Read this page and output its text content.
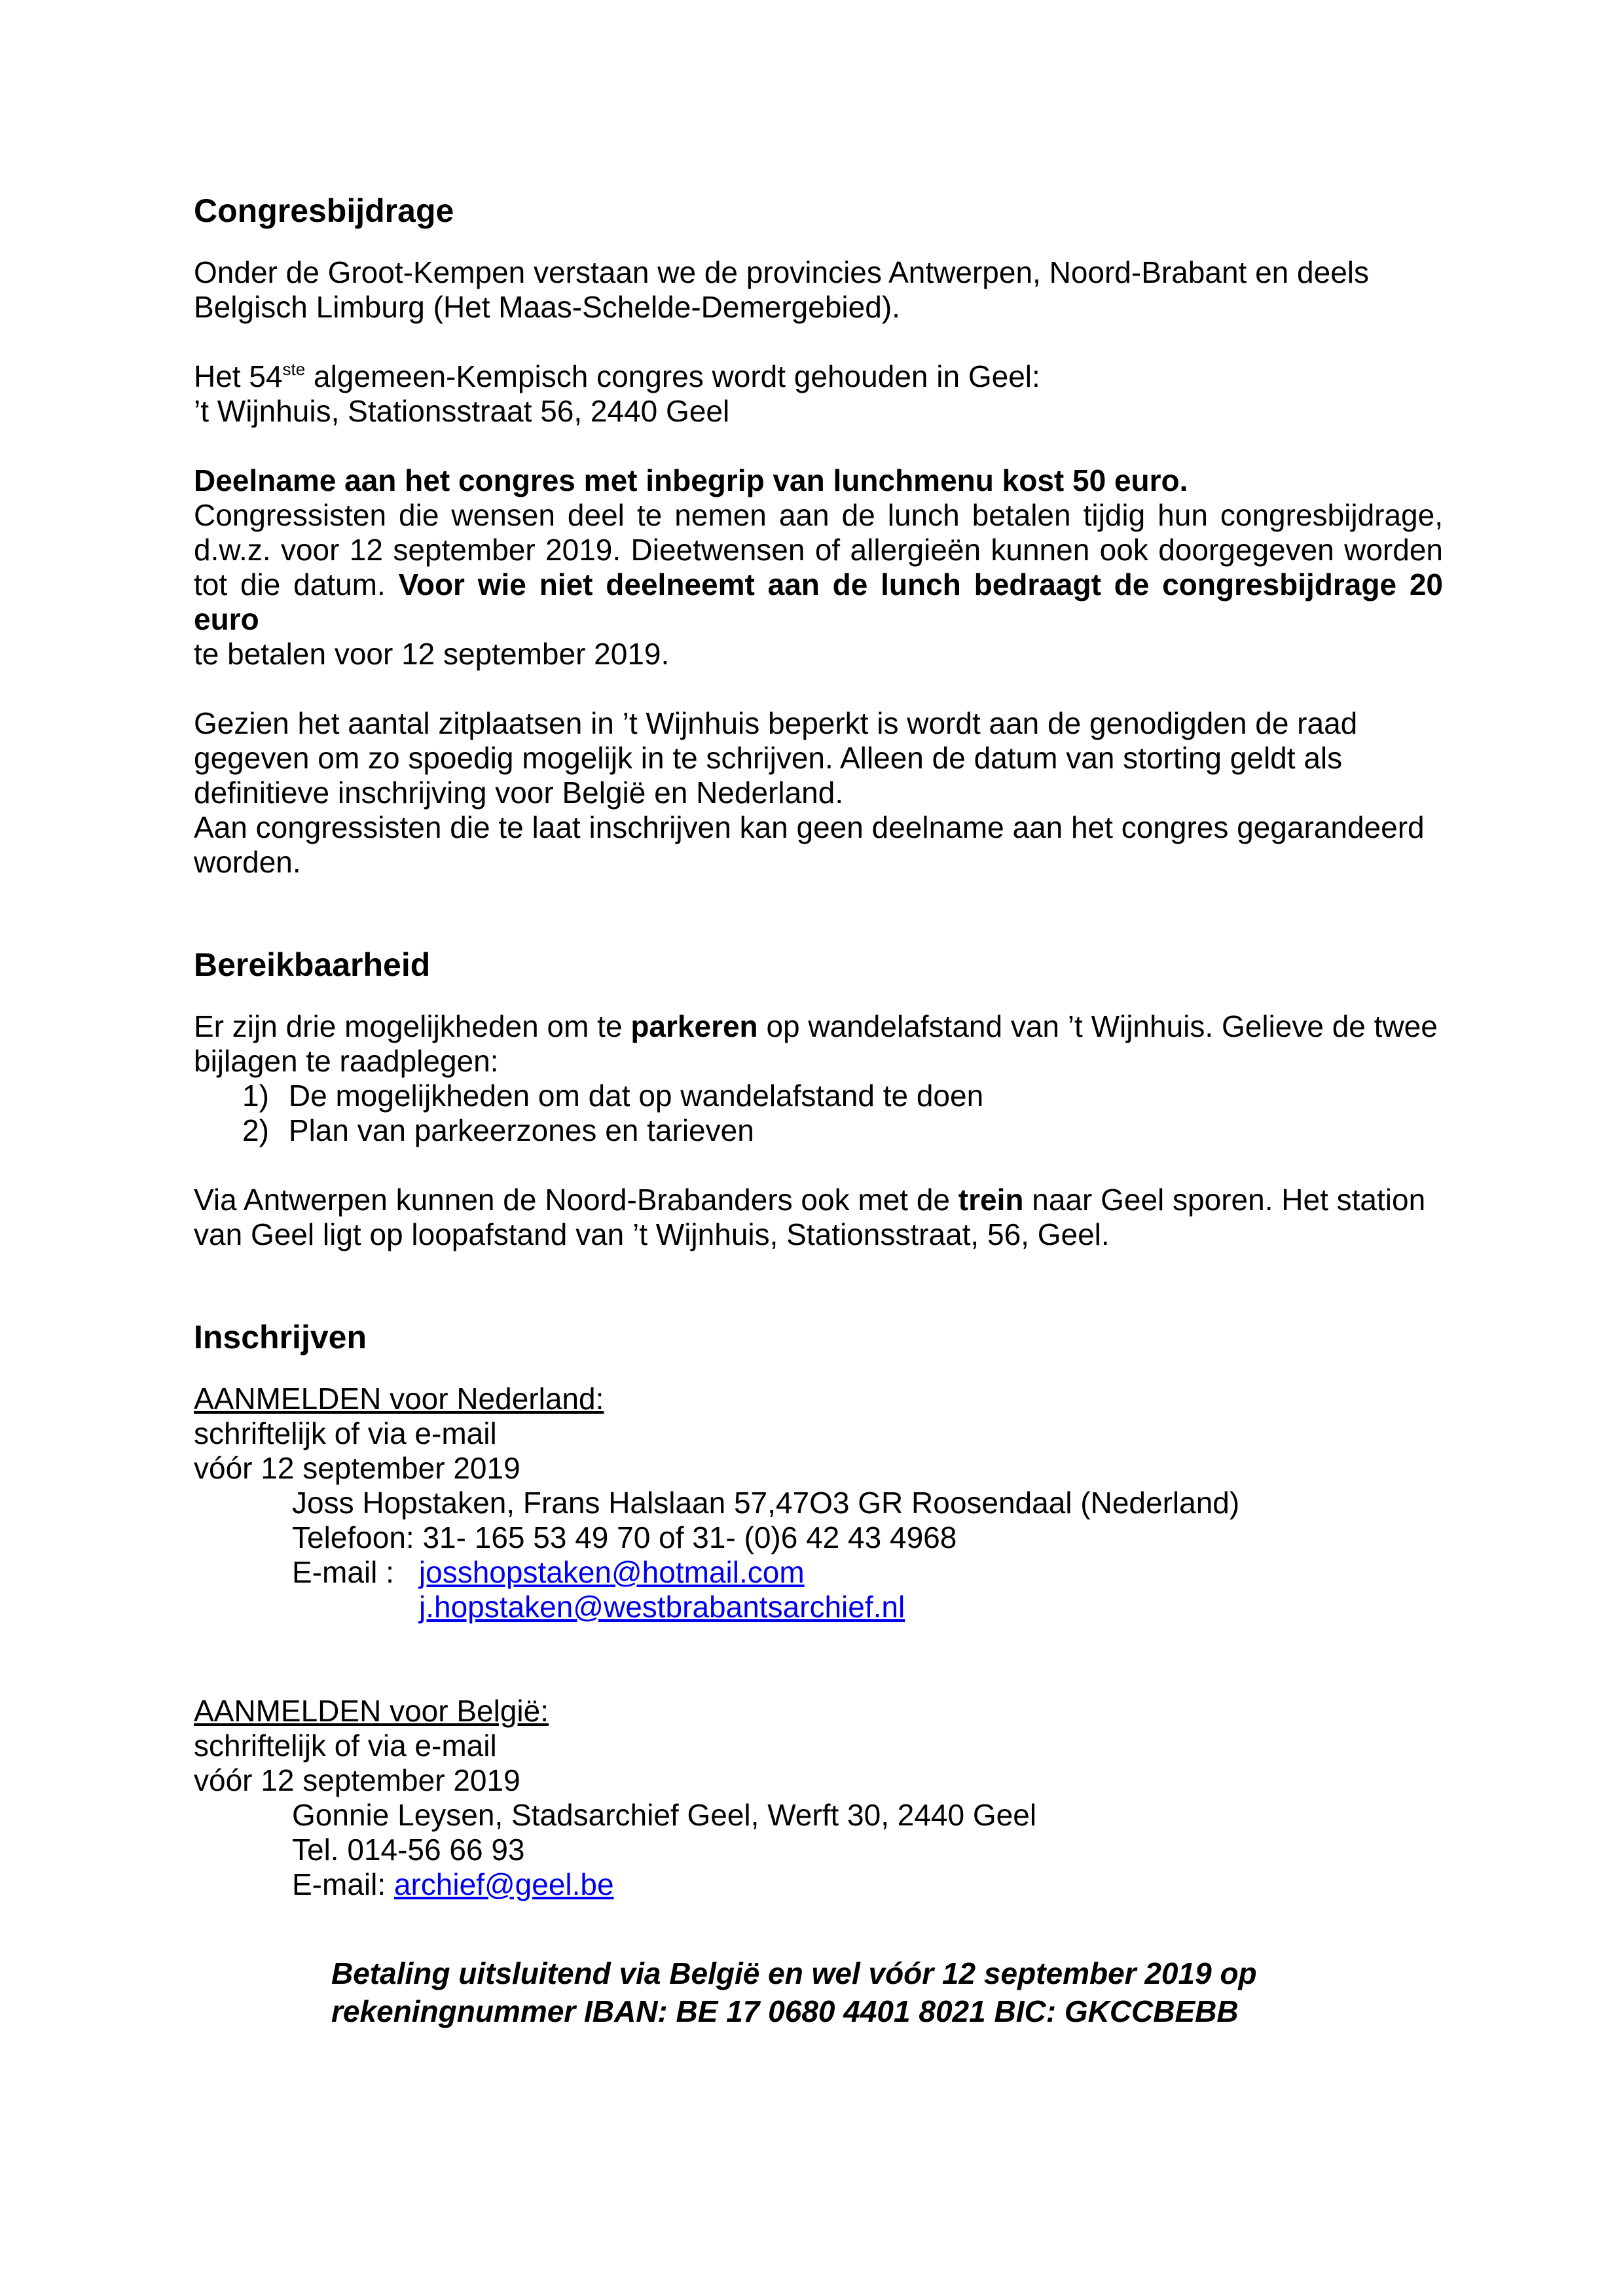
Congresbijdrage

Onder de Groot-Kempen verstaan we de provincies Antwerpen, Noord-Brabant en deels
Belgisch Limburg (Het Maas-Schelde-Demergebied).

Het 54ste algemeen-Kempisch congres wordt gehouden in Geel:
’t Wijnhuis, Stationsstraat 56, 2440 Geel

Deelname aan het congres met inbegrip van lunchmenu kost 50 euro.
Congressisten die wensen deel te nemen aan de lunch betalen tijdig hun congresbijdrage, d.w.z. voor 12 september 2019. Dieetwensen of allergieën kunnen ook doorgegeven worden tot die datum. Voor wie niet deelneemt aan de lunch bedraagt de congresbijdrage 20 euro
te betalen voor 12 september 2019.

Gezien het aantal zitplaatsen in ’t Wijnhuis beperkt is wordt aan de genodigden de raad
gegeven om zo spoedig mogelijk in te schrijven. Alleen de datum van storting geldt als
definitieve inschrijving voor België en Nederland.
Aan congressisten die te laat inschrijven kan geen deelname aan het congres gegarandeerd
worden.

Bereikbaarheid

Er zijn drie mogelijkheden om te parkeren op wandelafstand van ’t Wijnhuis. Gelieve de twee
bijlagen te raadplegen:

1) De mogelijkheden om dat op wandelafstand te doen
2) Plan van parkeerzones en tarieven

Via Antwerpen kunnen de Noord-Brabanders ook met de trein naar Geel sporen. Het station
van Geel ligt op loopafstand van ’t Wijnhuis, Stationsstraat, 56, Geel.

Inschrijven
AANMELDEN voor Nederland:
schriftelijk of via e-mail
vóór 12 september 2019
Joss Hopstaken, Frans Halslaan 57,47O3 GR Roosendaal (Nederland)
Telefoon: 31- 165 53 49 70 of 31- (0)6 42 43 4968
E-mail : josshopstaken@hotmail.com
j.hopstaken@westbrabantsarchief.nl
AANMELDEN voor België:
schriftelijk of via e-mail
vóór 12 september 2019
Gonnie Leysen, Stadsarchief Geel, Werft 30, 2440 Geel
Tel. 014-56 66 93
E-mail: archief@geel.be
Betaling uitsluitend via België en wel vóór 12 september 2019 op
rekeningnummer IBAN: BE 17 0680 4401 8021 BIC: GKCCBEBB
